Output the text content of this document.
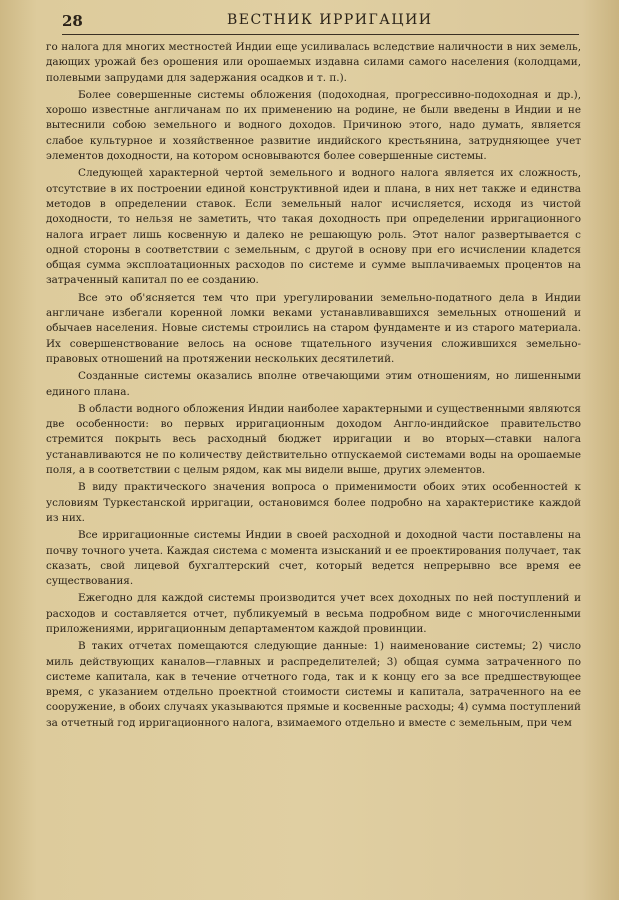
28	ВЕСТНИК ИРРИГАЦИИ

го налога для многих местностей Индии еще усиливалась вследствие наличности в них земель, дающих урожай без орошения или орошаемых издавна силами самого населения (колодцами, полевыми запрудами для задержания осадков и т. п.).

Более совершенные системы обложения (подоходная, прогрессивно-подоходная и др.), хорошо известные англичанам по их применению на родине, не были введены в Индии и не вытеснили собою земельного и водного доходов. Причиною этого, надо думать, является слабое культурное и хозяйственное развитие индийского крестьянина, затрудняющее учет элементов доходности, на котором основываются более совершенные системы.

Следующей характерной чертой земельного и водного налога является их сложность, отсутствие в их построении единой конструктивной идеи и плана, в них нет также и единства методов в определении ставок. Если земельный налог исчисляется, исходя из чистой доходности, то нельзя не заметить, что такая доходность при определении ирригационного налога играет лишь косвенную и далеко не решающую роль. Этот налог развертывается с одной стороны в соответствии с земельным, с другой в основу при его исчислении кладется общая сумма эксплоатационных расходов по системе и сумме выплачиваемых процентов на затраченный капитал по ее созданию.

Все это об'ясняется тем что при урегулировании земельно-податного дела в Индии англичане избегали коренной ломки веками устанавливавшихся земельных отношений и обычаев населения. Новые системы строились на старом фундаменте и из старого материала. Их совершенствование велось на основе тщательного изучения сложившихся земельно-правовых отношений на протяжении нескольких десятилетий.

Созданные системы оказались вполне отвечающими этим отношениям, но лишенными единого плана.

В области водного обложения Индии наиболее характерными и существенными являются две особенности: во первых ирригационным доходом Англо-индийское правительство стремится покрыть весь расходный бюджет ирригации и во вторых—ставки налога устанавливаются не по количеству действительно отпускаемой системами воды на орошаемые поля, а в соответствии с целым рядом, как мы видели выше, других элементов.

В виду практического значения вопроса о применимости обоих этих особенностей к условиям Туркестанской ирригации, остановимся более подробно на характеристике каждой из них.

Все ирригационные системы Индии в своей расходной и доходной части поставлены на почву точного учета. Каждая система с момента изысканий и ее проектирования получает, так сказать, свой лицевой бухгалтерский счет, который ведется непрерывно все время ее существования.

Ежегодно для каждой системы производится учет всех доходных по ней поступлений и расходов и составляется отчет, публикуемый в весьма подробном виде с многочисленными приложениями, ирригационным департаментом каждой провинции.

В таких отчетах помещаются следующие данные: 1) наименование системы; 2) число миль действующих каналов—главных и распределителей; 3) общая сумма затраченного по системе капитала, как в течение отчетного года, так и к концу его за все предшествующее время, с указанием отдельно проектной стоимости системы и капитала, затраченного на ее сооружение, в обоих случаях указываются прямые и косвенные расходы; 4) сумма поступлений за отчетный год ирригационного налога, взимаемого отдельно и вместе с земельным, при чем
